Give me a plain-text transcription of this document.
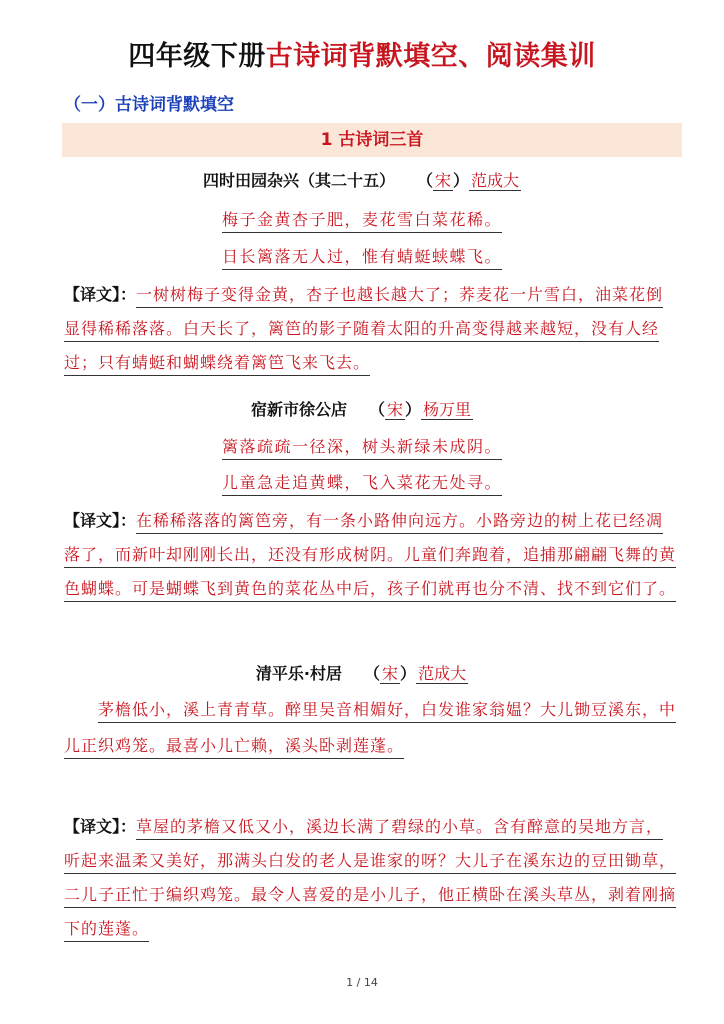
四年级下册古诗词背默填空、阅读集训
（一）古诗词背默填空
1 古诗词三首
四时田园杂兴（其二十五） （ 宋 ） 范成大
梅子金黄杏子肥，麦花雪白菜花稀。
日长篱落无人过，惟有蜻蜓蛱蝶飞。
【译文】：一树树梅子变得金黄，杏子也越长越大了；荞麦花一片雪白，油菜花倒显得稀稀落落。白天长了，篱笆的影子随着太阳的升高变得越来越短，没有人经过；只有蜻蜓和蝴蝶绕着篱笆飞来飞去。
宿新市徐公店 （ 宋 ） 杨万里
篱落疏疏一径深，树头新绿未成阴。
儿童急走追黄蝶，飞入菜花无处寻。
【译文】：在稀稀落落的篱笆旁，有一条小路伸向远方。小路旁边的树上花已经凋落了，而新叶却刚刚长出，还没有形成树阴。儿童们奔跑着，追捕那翩翩飞舞的黄色蝴蝶。可是蝴蝶飞到黄色的菜花丛中后，孩子们就再也分不清、找不到它们了。
清平乐·村居 （ 宋 ） 范成大
茅檐低小，溪上青青草。醉里吴音相媚好，白发谁家翁媪？大儿锄豆溪东，中儿正织鸡笼。最喜小儿亡赖，溪头卧剥莲蓬。
【译文】：草屋的茅檐又低又小，溪边长满了碧绿的小草。含有醉意的吴地方言，听起来温柔又美好，那满头白发的老人是谁家的呀？大儿子在溪东边的豆田锄草，二儿子正忙于编织鸡笼。最令人喜爱的是小儿子，他正横卧在溪头草丛，剥着刚摘下的莲蓬。
1 / 14
